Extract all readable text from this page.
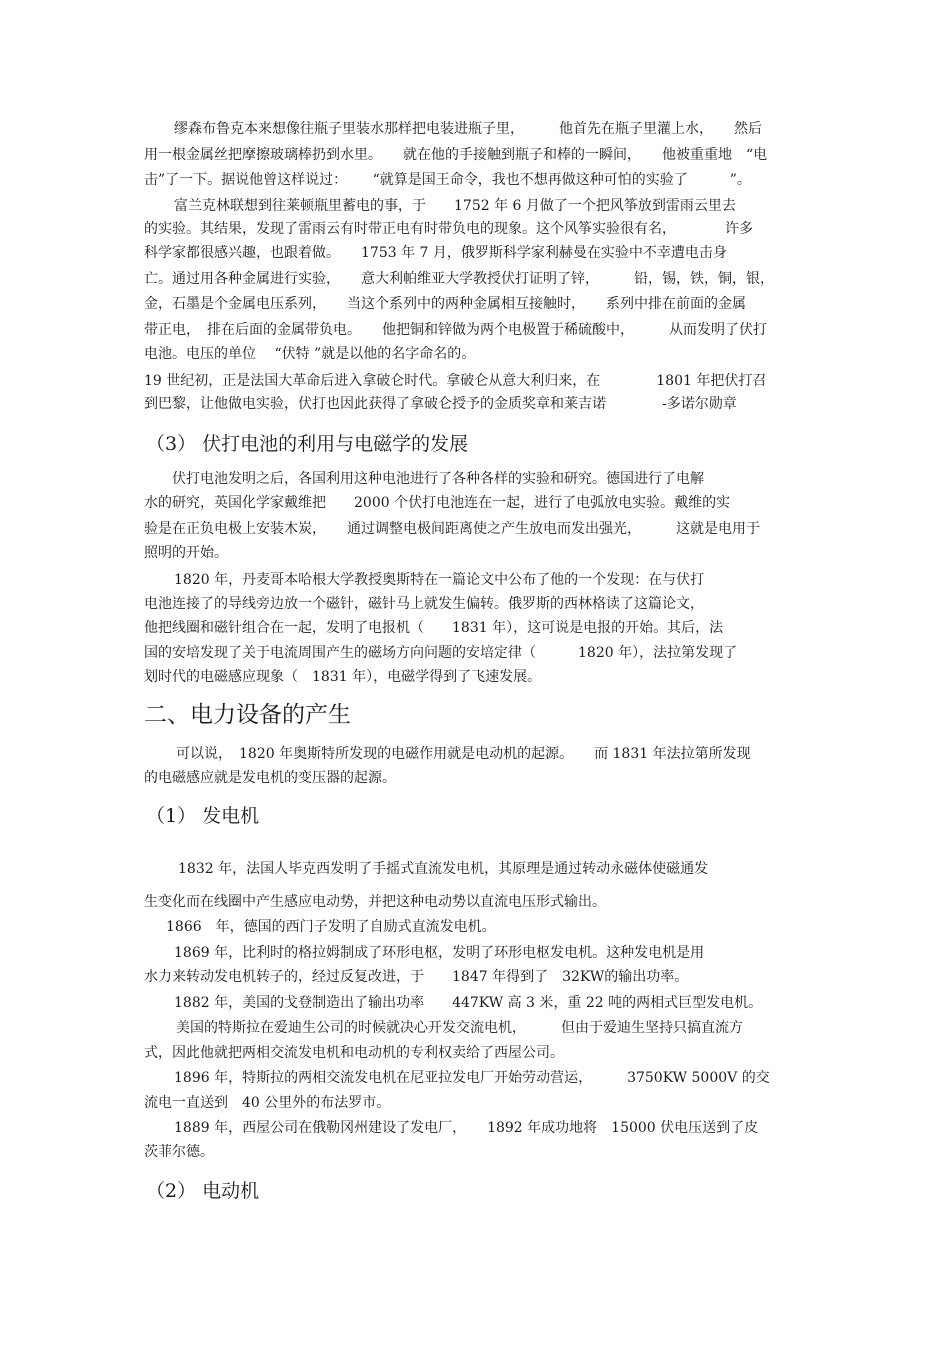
缪森布鲁克本来想像往瓶子里装水那样把电装进瓶子里，　　　他首先在瓶子里灌上水，　　然后
用一根金属丝把摩擦玻璃棒扔到水里。　　就在他的手接触到瓶子和棒的一瞬间，　　他被重重地　“电
击”了一下。据说他曾这样说过：　　 “就算是国王命令，我也不想再做这种可怕的实验了　　　”。
富兰克林联想到往莱顿瓶里蓄电的事，于　　1752 年 6 月做了一个把风筝放到雷雨云里去
的实验。其结果，发现了雷雨云有时带正电有时带负电的现象。这个风筝实验很有名，　　　　许多
科学家都很感兴趣，也跟着做。　　1753 年 7 月，俄罗斯科学家利赫曼在实验中不幸遭电击身
亡。通过用各种金属进行实验，　　意大利帕维亚大学教授伏打证明了锌，　　　铅，锡，铁，铜，银，
金，石墨是个金属电压系列，　　当这个系列中的两种金属相互接触时，　　系列中排在前面的金属
带正电，　排在后面的金属带负电。　　他把铜和锌做为两个电极置于稀硫酸中，　　　从而发明了伏打
电池。电压的单位　 “伏特 ”就是以他的名字命名的。
19 世纪初，正是法国大革命后进入拿破仑时代。拿破仑从意大利归来，在　　　　1801 年把伏打召
到巴黎，让他做电实验，伏打也因此获得了拿破仑授予的金质奖章和莱吉诺　　　　-多诺尔勋章
（3） 伏打电池的利用与电磁学的发展
伏打电池发明之后，各国利用这种电池进行了各种各样的实验和研究。德国进行了电解
水的研究，英国化学家戴维把　　2000 个伏打电池连在一起，进行了电弧放电实验。戴维的实
验是在正负电极上安装木炭，　　通过调整电极间距离使之产生放电而发出强光，　　　这就是电用于
照明的开始。
1820 年，丹麦哥本哈根大学教授奥斯特在一篇论文中公布了他的一个发现：在与伏打
电池连接了的导线旁边放一个磁针，磁针马上就发生偏转。俄罗斯的西林格读了这篇论文，
他把线圈和磁针组合在一起，发明了电报机（　　1831 年），这可说是电报的开始。其后，法
国的安培发现了关于电流周围产生的磁场方向问题的安培定律（　　　1820 年），法拉第发现了
划时代的电磁感应现象（　1831 年），电磁学得到了飞速发展。
二、电力设备的产生
可以说，　1820 年奥斯特所发现的电磁作用就是电动机的起源。　　而 1831 年法拉第所发现
的电磁感应就是发电机的变压器的起源。
（1） 发电机
1832 年，法国人毕克西发明了手摇式直流发电机，其原理是通过转动永磁体使磁通发
生变化而在线圈中产生感应电动势，并把这种电动势以直流电压形式输出。
1866　年，德国的西门子发明了自励式直流发电机。
1869 年，比利时的格拉姆制成了环形电枢，发明了环形电枢发电机。这种发电机是用
水力来转动发电机转子的，经过反复改进，于　　1847 年得到了　32KW的输出功率。
1882 年，美国的戈登制造出了输出功率　　447KW 高 3 米，重 22 吨的两相式巨型发电机。
美国的特斯拉在爱迪生公司的时候就决心开发交流电机，　　　但由于爱迪生坚持只搞直流方
式，因此他就把两相交流发电机和电动机的专利权卖给了西屋公司。
1896 年，特斯拉的两相交流发电机在尼亚拉发电厂开始劳动营运，　　　3750KW 5000V 的交
流电一直送到　40 公里外的布法罗市。
1889 年，西屋公司在俄勒冈州建设了发电厂，　　1892 年成功地将　15000 伏电压送到了皮
茨菲尔德。
（2） 电动机
